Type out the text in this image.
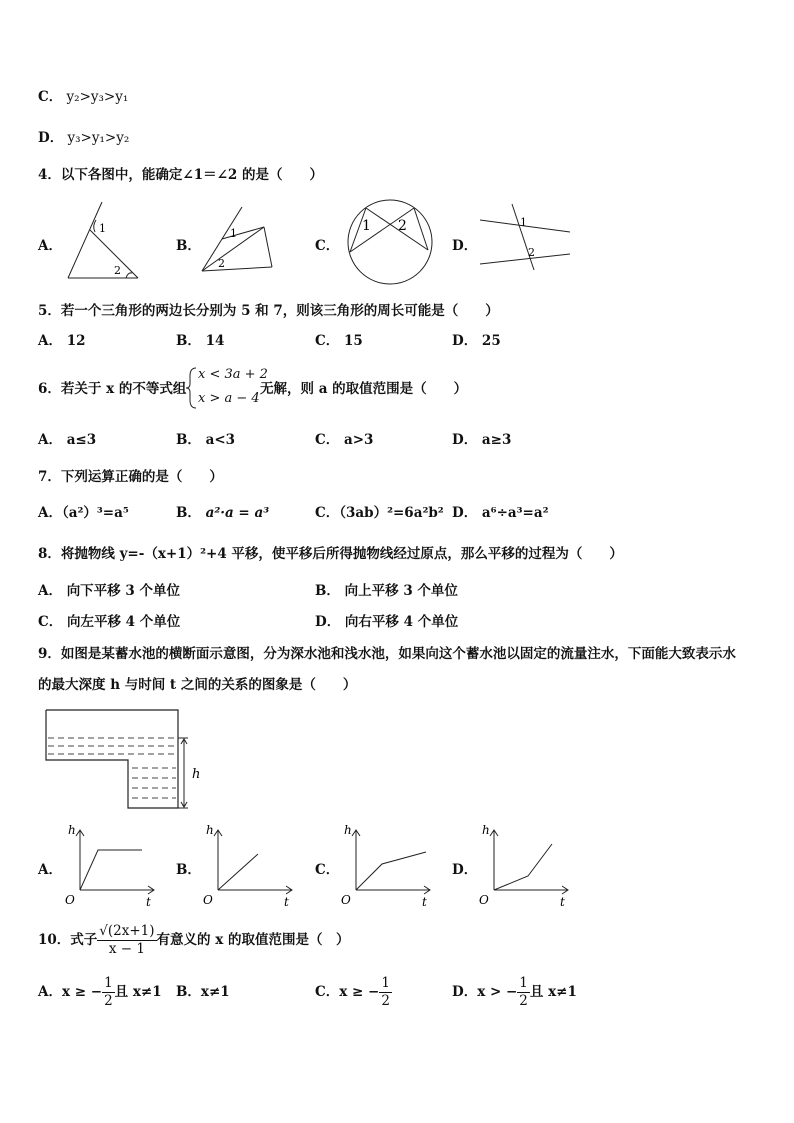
C． y₂>y₃>y₁
D． y₃>y₁>y₂
4．以下各图中，能确定∠1＝∠2 的是（　　）
A．
1
2
B．
1
2
C．
1 2
D．
1
2
5．若一个三角形的两边长分别为 5 和 7，则该三角形的周长可能是（　　）
A． 12	B． 14	C． 15	D． 25
6．若关于 x 的不等式组
x < 3a + 2
x > a − 4
无解，则 a 的取值范围是（　　）
A． a≤3	B． a<3	C． a>3	D． a≥3
7．下列运算正确的是（　　）
A．（a²）³=a⁵	B． a²·a = a³	C．（3ab）²=6a²b² D． a⁶÷a³=a²
8．将抛物线 y=-（x+1）²+4 平移，使平移后所得抛物线经过原点，那么平移的过程为（　　）
A． 向下平移 3 个单位	B． 向上平移 3 个单位
C． 向左平移 4 个单位	D． 向右平移 4 个单位
9．如图是某蓄水池的横断面示意图，分为深水池和浅水池，如果向这个蓄水池以固定的流量注水，下面能大致表示水
的最大深度 h 与时间 t 之间的关系的图象是（　　）
h
A．
h
O	t
B．
h
O	t
C．
h
O	t
D．
h
O	t
10．式子 $\frac{√(2x+1)}{x - 1}$ 有意义的 x 的取值范围是（　）
A．x ≥ − $\frac{1}{2}$ 且 x≠1 B．x≠1	C．x ≥ − $\frac{1}{2}$	D．x > − $\frac{1}{2}$ 且 x≠1
